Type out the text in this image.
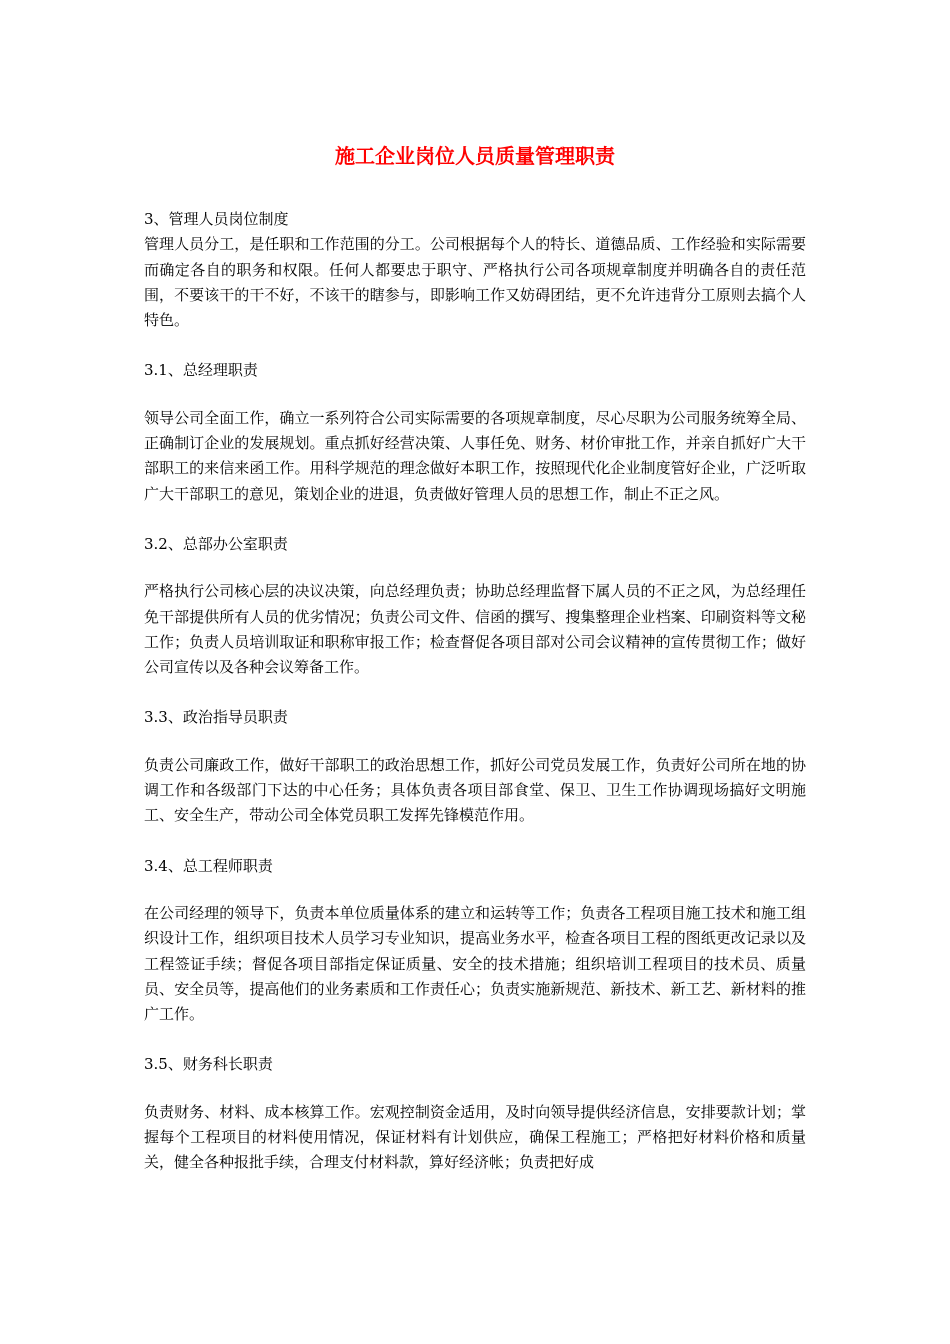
施工企业岗位人员质量管理职责

3、管理人员岗位制度

管理人员分工，是任职和工作范围的分工。公司根据每个人的特长、道德品质、工作经验和实际需要而确定各自的职务和权限。任何人都要忠于职守、严格执行公司各项规章制度并明确各自的责任范围，不要该干的干不好，不该干的瞎参与，即影响工作又妨碍团结，更不允许违背分工原则去搞个人特色。

3.1、总经理职责

领导公司全面工作，确立一系列符合公司实际需要的各项规章制度，尽心尽职为公司服务统筹全局、正确制订企业的发展规划。重点抓好经营决策、人事任免、财务、材价审批工作，并亲自抓好广大干部职工的来信来函工作。用科学规范的理念做好本职工作，按照现代化企业制度管好企业，广泛听取广大干部职工的意见，策划企业的进退，负责做好管理人员的思想工作，制止不正之风。

3.2、总部办公室职责

严格执行公司核心层的决议决策，向总经理负责；协助总经理监督下属人员的不正之风，为总经理任免干部提供所有人员的优劣情况；负责公司文件、信函的撰写、搜集整理企业档案、印刷资料等文秘工作；负责人员培训取证和职称审报工作；检查督促各项目部对公司会议精神的宣传贯彻工作；做好公司宣传以及各种会议筹备工作。

3.3、政治指导员职责

负责公司廉政工作，做好干部职工的政治思想工作，抓好公司党员发展工作，负责好公司所在地的协调工作和各级部门下达的中心任务；具体负责各项目部食堂、保卫、卫生工作协调现场搞好文明施工、安全生产，带动公司全体党员职工发挥先锋模范作用。

3.4、总工程师职责

在公司经理的领导下，负责本单位质量体系的建立和运转等工作；负责各工程项目施工技术和施工组织设计工作，组织项目技术人员学习专业知识，提高业务水平，检查各项目工程的图纸更改记录以及工程签证手续；督促各项目部指定保证质量、安全的技术措施；组织培训工程项目的技术员、质量员、安全员等，提高他们的业务素质和工作责任心；负责实施新规范、新技术、新工艺、新材料的推广工作。

3.5、财务科长职责

负责财务、材料、成本核算工作。宏观控制资金适用，及时向领导提供经济信息，安排要款计划；掌握每个工程项目的材料使用情况，保证材料有计划供应，确保工程施工；严格把好材料价格和质量关，健全各种报批手续，合理支付材料款，算好经济帐；负责把好成
